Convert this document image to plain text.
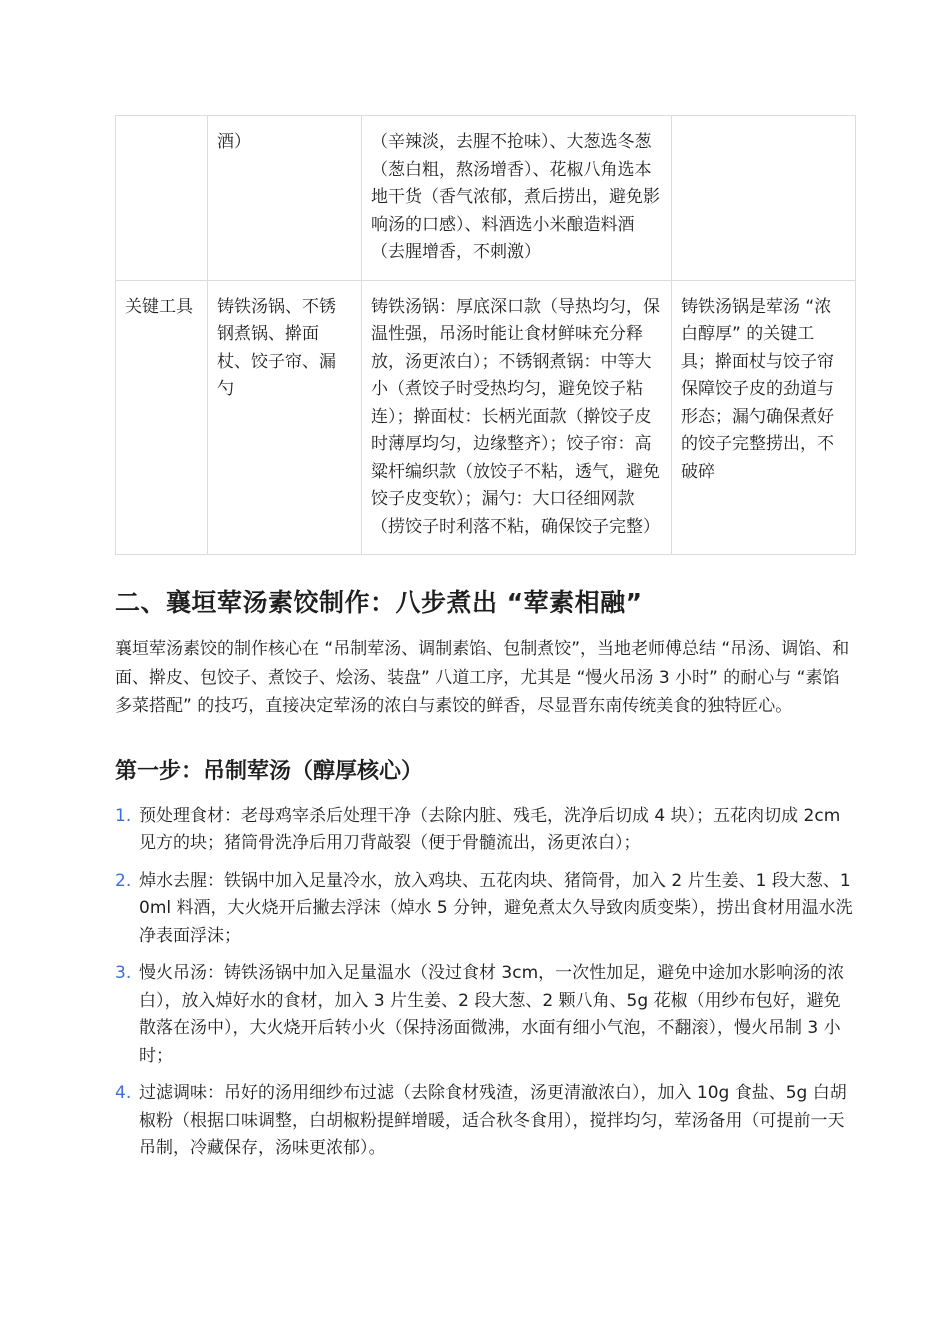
	酒）	（辛辣淡，去腥不抢味）、大葱选冬葱（葱白粗，熬汤增香）、花椒八角选本地干货（香气浓郁，煮后捞出，避免影响汤的口感）、料酒选小米酿造料酒（去腥增香，不刺激）	
关键工具	铸铁汤锅、不锈钢煮锅、擀面杖、饺子帘、漏勺	铸铁汤锅：厚底深口款（导热均匀，保温性强，吊汤时能让食材鲜味充分释放，汤更浓白）；不锈钢煮锅：中等大小（煮饺子时受热均匀，避免饺子粘连）；擀面杖：长柄光面款（擀饺子皮时薄厚均匀，边缘整齐）；饺子帘：高粱杆编织款（放饺子不粘，透气，避免饺子皮变软）；漏勺：大口径细网款（捞饺子时利落不粘，确保饺子完整）	铸铁汤锅是荤汤 “浓白醇厚” 的关键工具；擀面杖与饺子帘保障饺子皮的劲道与形态；漏勺确保煮好的饺子完整捞出，不破碎
二、襄垣荤汤素饺制作：八步煮出 “荤素相融”

襄垣荤汤素饺的制作核心在 “吊制荤汤、调制素馅、包制煮饺”，当地老师傅总结 “吊汤、调馅、和面、擀皮、包饺子、煮饺子、烩汤、装盘” 八道工序，尤其是 “慢火吊汤 3 小时” 的耐心与 “素馅多菜搭配” 的技巧，直接决定荤汤的浓白与素饺的鲜香，尽显晋东南传统美食的独特匠心。

第一步：吊制荤汤（醇厚核心）
1. 预处理食材：老母鸡宰杀后处理干净（去除内脏、残毛，洗净后切成 4 块）；五花肉切成 2cm 见方的块；猪筒骨洗净后用刀背敲裂（便于骨髓流出，汤更浓白）；
2. 焯水去腥：铁锅中加入足量冷水，放入鸡块、五花肉块、猪筒骨，加入 2 片生姜、1 段大葱、10ml 料酒，大火烧开后撇去浮沫（焯水 5 分钟，避免煮太久导致肉质变柴），捞出食材用温水洗净表面浮沫；
3. 慢火吊汤：铸铁汤锅中加入足量温水（没过食材 3cm，一次性加足，避免中途加水影响汤的浓白），放入焯好水的食材，加入 3 片生姜、2 段大葱、2 颗八角、5g 花椒（用纱布包好，避免散落在汤中），大火烧开后转小火（保持汤面微沸，水面有细小气泡，不翻滚），慢火吊制 3 小时；
4. 过滤调味：吊好的汤用细纱布过滤（去除食材残渣，汤更清澈浓白），加入 10g 食盐、5g 白胡椒粉（根据口味调整，白胡椒粉提鲜增暖，适合秋冬食用），搅拌均匀，荤汤备用（可提前一天吊制，冷藏保存，汤味更浓郁）。
